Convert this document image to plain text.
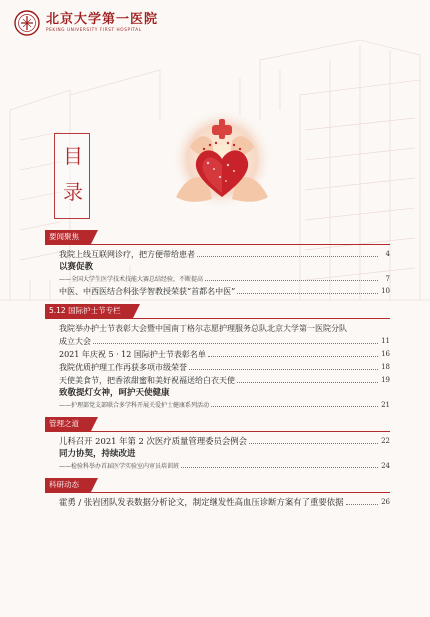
北京大学第一医院
PEKING UNIVERSITY FIRST HOSPITAL
目
录
要闻聚焦
我院上线互联网诊疗，把方便带给患者	4
以赛促教
——全国大学生医学技术技能大赛总结经验，不断提高	7
中医、中西医结合科张学智教授荣获“首都名中医”	10
5.12 国际护士节专栏
我院举办护士节表彰大会暨中国南丁格尔志愿护理服务总队北京大学第一医院分队
成立大会	11
2021 年庆祝 5 · 12 国际护士节表彰名单	16
我院优质护理工作再获多项市级荣誉	18
天使美食节，把香浓甜蜜和美好祝福送给白衣天使	19
致敬提灯女神，呵护天使健康
——护理部党支部联合多学科开展关爱护士健康系列活动	21
管理之道
儿科召开 2021 年第 2 次医疗质量管理委员会例会	22
同力协契，持续改进
——检验科举办首届医学实验室内审员培训班	24
科研动态
霍勇 / 张岩团队发表数据分析论文，制定继发性高血压诊断方案有了重要依据	26
